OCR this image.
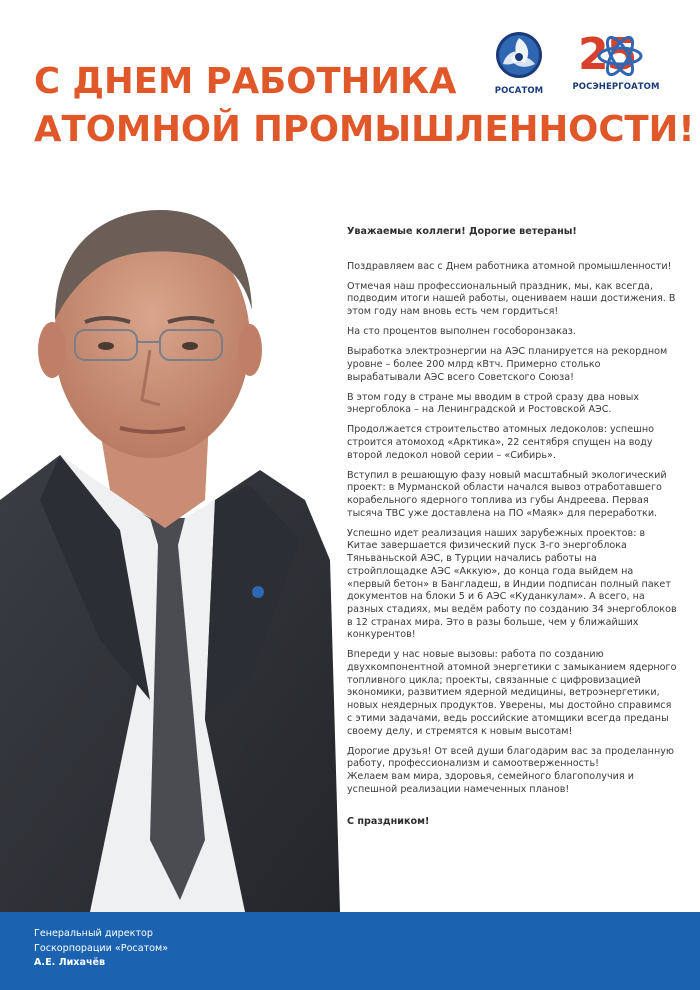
С ДНЕМ РАБОТНИКА
АТОМНОЙ ПРОМЫШЛЕННОСТИ!
РОСАТОМ
25
РОСЭНЕРГОАТОМ

Уважаемые коллеги! Дорогие ветераны!

Поздравляем вас с Днем работника атомной промышленности!

Отмечая наш профессиональный праздник, мы, как всегда, подводим итоги нашей работы, оцениваем наши достижения. В этом году нам вновь есть чем гордиться!

На сто процентов выполнен гособоронзаказ.

Выработка электроэнергии на АЭС планируется на рекордном уровне – более 200 млрд кВтч. Примерно столько вырабатывали АЭС всего Советского Союза!

В этом году в стране мы вводим в строй сразу два новых энергоблока – на Ленинградской и Ростовской АЭС.

Продолжается строительство атомных ледоколов: успешно строится атомоход «Арктика», 22 сентября спущен на воду второй ледокол новой серии – «Сибирь».

Вступил в решающую фазу новый масштабный экологический проект: в Мурманской области начался вывоз отработавшего корабельного ядерного топлива из губы Андреева. Первая тысяча ТВС уже доставлена на ПО «Маяк» для переработки.

Успешно идет реализация наших зарубежных проектов: в Китае завершается физический пуск 3-го энергоблока Тяньваньской АЭС, в Турции начались работы на стройплощадке АЭС «Аккую», до конца года выйдем на «первый бетон» в Бангладеш, в Индии подписан полный пакет документов на блоки 5 и 6 АЭС «Куданкулам». А всего, на разных стадиях, мы ведём работу по созданию 34 энергоблоков в 12 странах мира. Это в разы больше, чем у ближайших конкурентов!

Впереди у нас новые вызовы: работа по созданию двухкомпонентной атомной энергетики с замыканием ядерного топливного цикла; проекты, связанные с цифровизацией экономики, развитием ядерной медицины, ветроэнергетики, новых неядерных продуктов. Уверены, мы достойно справимся с этими задачами, ведь российские атомщики всегда преданы своему делу, и стремятся к новым высотам!

Дорогие друзья! От всей души благодарим вас за проделанную работу, профессионализм и самоотверженность!
Желаем вам мира, здоровья, семейного благополучия и успешной реализации намеченных планов!

С праздником!

Генеральный директор
Госкорпорации «Росатом»
А.Е. Лихачёв
